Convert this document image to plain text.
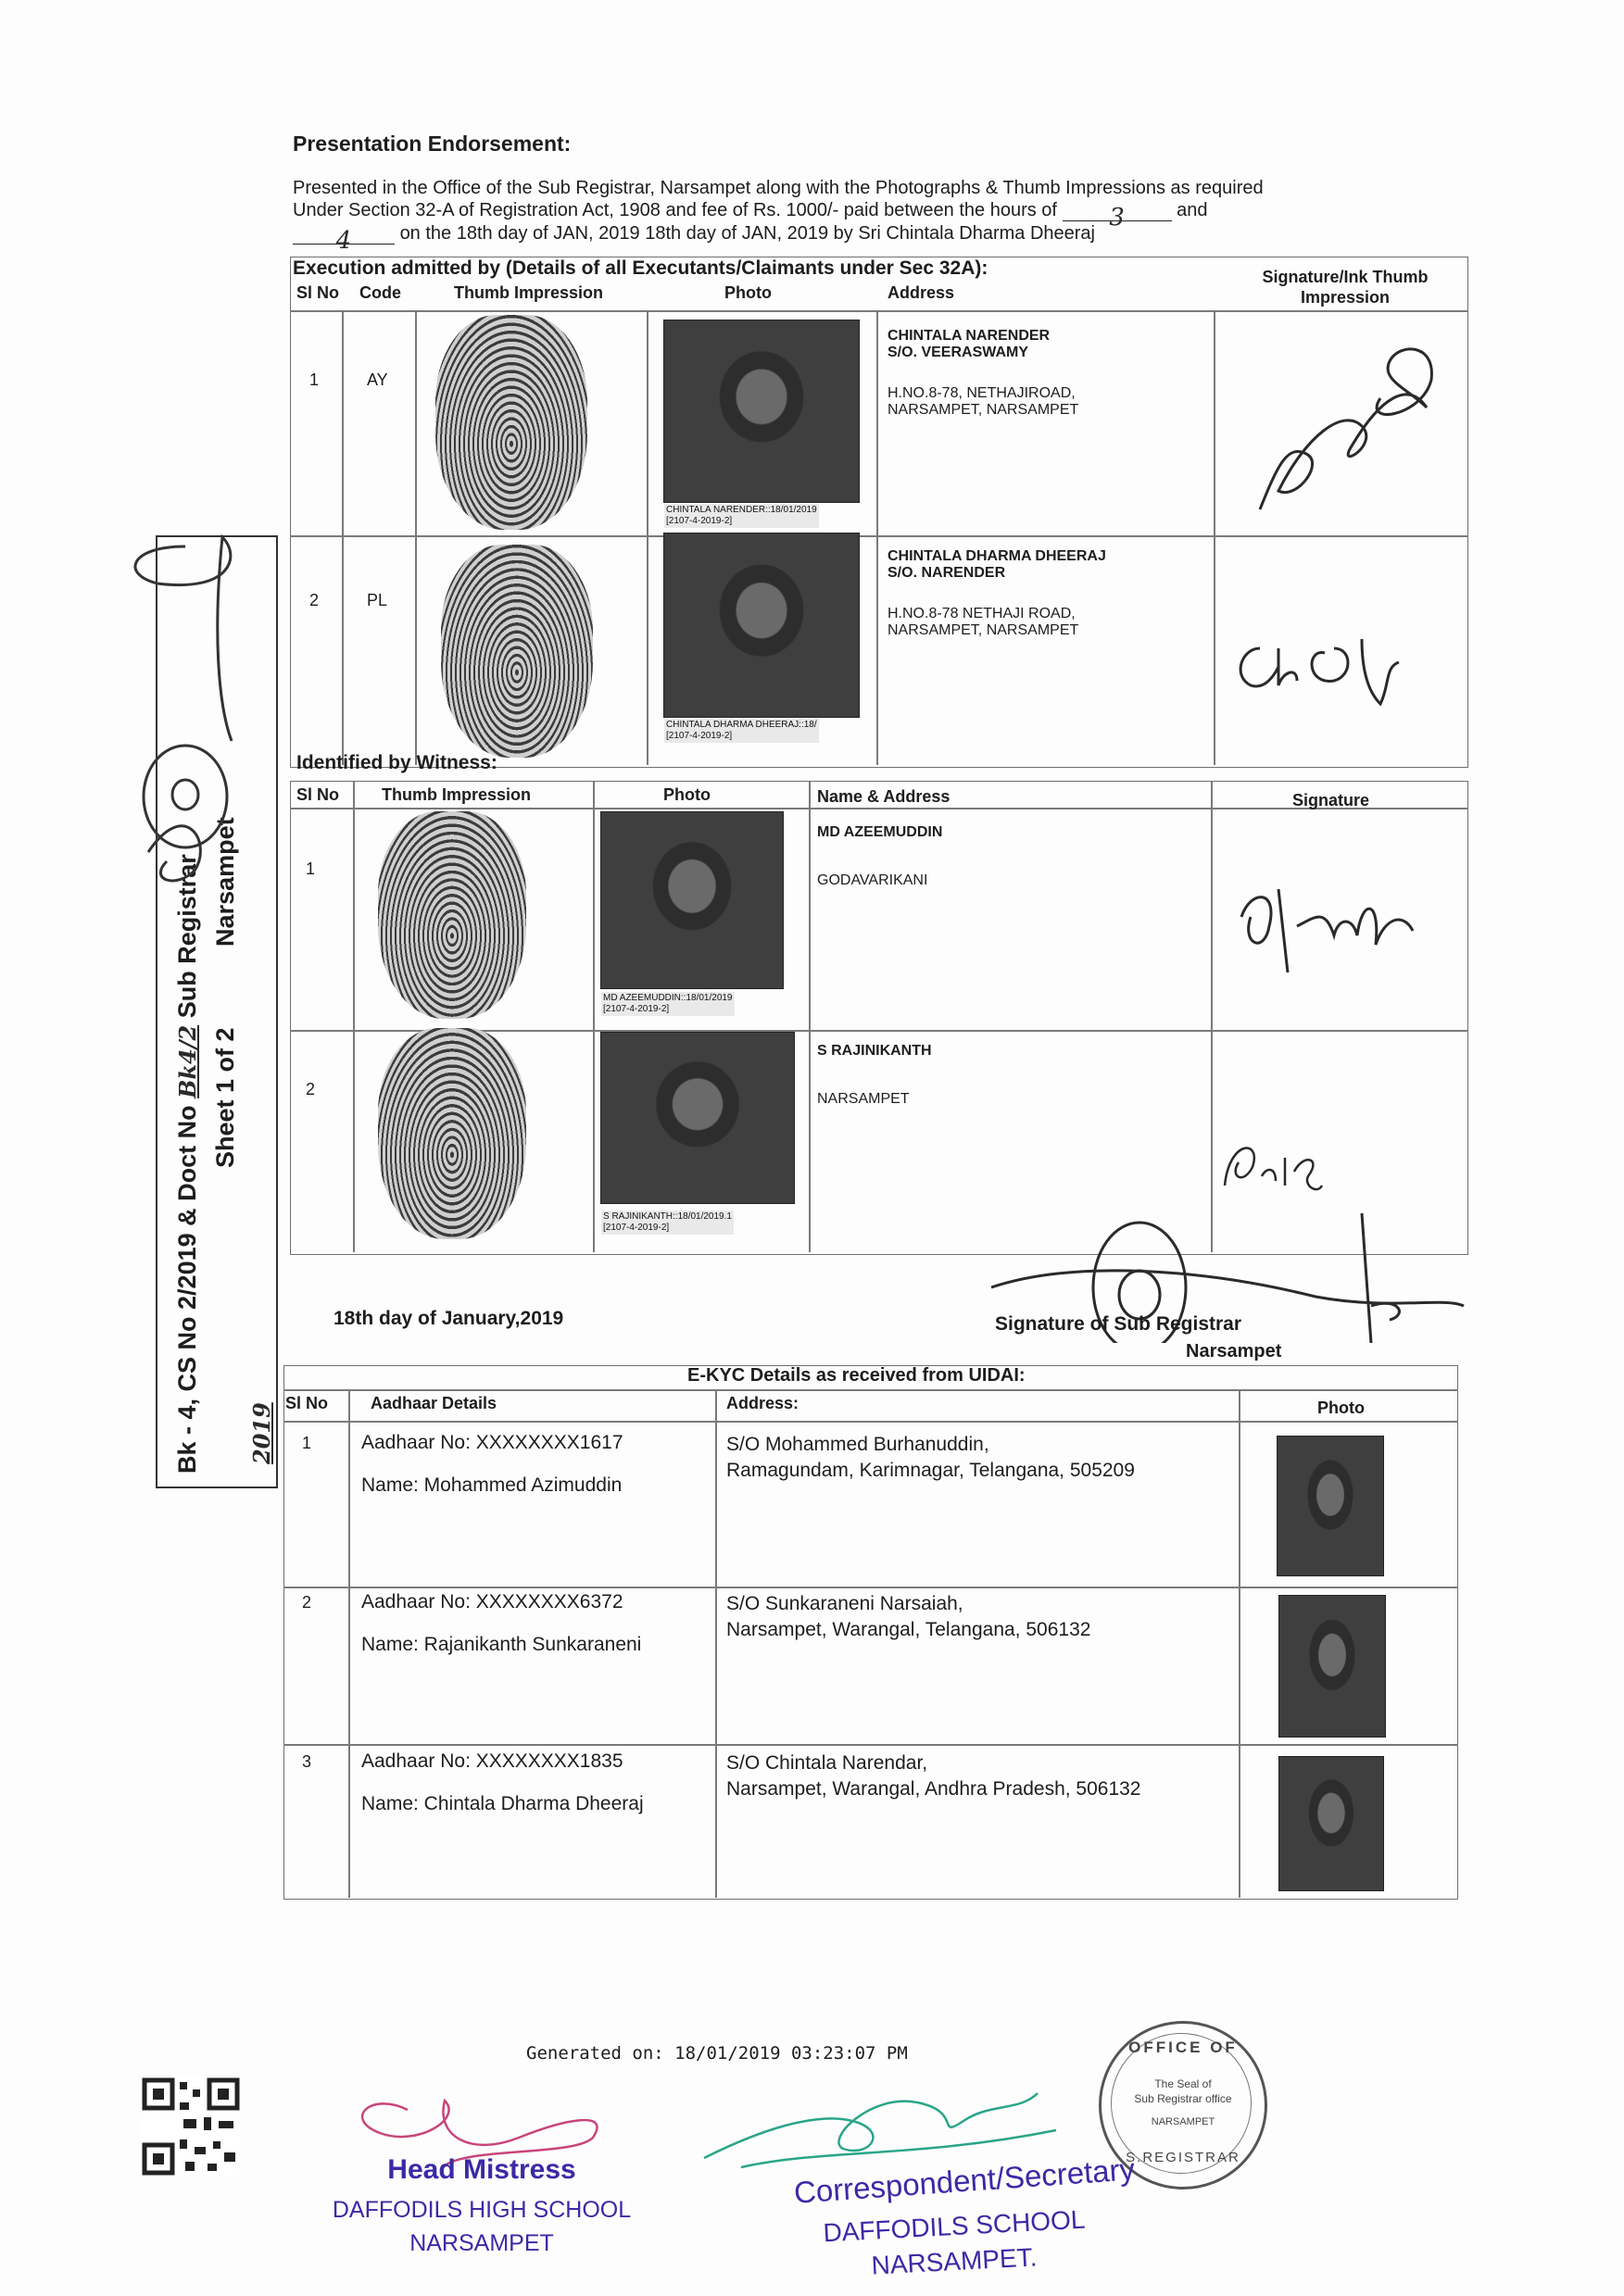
Presentation Endorsement:
Presented in the Office of the Sub Registrar, Narsampet along with the Photographs & Thumb Impressions as required
Under Section 32-A of Registration Act, 1908 and fee of Rs. 1000/- paid between the hours of 3	and
4	on the 18th day of JAN, 2019 18th day of JAN, 2019 by Sri Chintala Dharma Dheeraj
Execution admitted by (Details of all Executants/Claimants under Sec 32A):
Sl No Code	Thumb Impression	Photo	Address
Signature/Ink Thumb Impression
1	AY
CHINTALA NARENDER::18/01/2019
[2107-4-2019-2]
CHINTALA NARENDER
S/O. VEERASWAMY
H.NO.8-78, NETHAJIROAD,
NARSAMPET, NARSAMPET
2	PL
CHINTALA DHARMA DHEERAJ::18/
[2107-4-2019-2]
CHINTALA DHARMA DHEERAJ
S/O. NARENDER
H.NO.8-78 NETHAJI ROAD,
NARSAMPET, NARSAMPET
Identified by Witness:
Sl No	Thumb Impression	Photo	Name & Address	Signature
1
MD AZEEMUDDIN::18/01/2019
[2107-4-2019-2]
MD AZEEMUDDIN
GODAVARIKANI
2
S RAJINIKANTH::18/01/2019.1
[2107-4-2019-2]
S RAJINIKANTH
NARSAMPET
18th day of January,2019	Signature of Sub Registrar
Narsampet
E-KYC Details as received from UIDAI:
Sl No	Aadhaar Details	Address:	Photo
1	Aadhaar No: XXXXXXXX1617
Name: Mohammed Azimuddin
S/O Mohammed Burhanuddin,
Ramagundam, Karimnagar, Telangana, 505209
2	Aadhaar No: XXXXXXXX6372
Name: Rajanikanth Sunkaraneni
S/O Sunkaraneni Narsaiah,
Narsampet, Warangal, Telangana, 506132
3	Aadhaar No: XXXXXXXX1835
Name: Chintala Dharma Dheeraj
S/O Chintala Narendar,
Narsampet, Warangal, Andhra Pradesh, 506132
Bk - 4, CS No 2/2019 & Doct No Bk4/2 Sub Registrar
Sheet 1 of 2 Narsampet
2019
Generated on: 18/01/2019 03:23:07 PM	OFFICE OF
The Seal of
Sub Registrar office
NARSAMPET
S.REGISTRAR
Head Mistress
DAFFODILS HIGH SCHOOL
NARSAMPET
Correspondent/Secretary
DAFFODILS SCHOOL
NARSAMPET.
